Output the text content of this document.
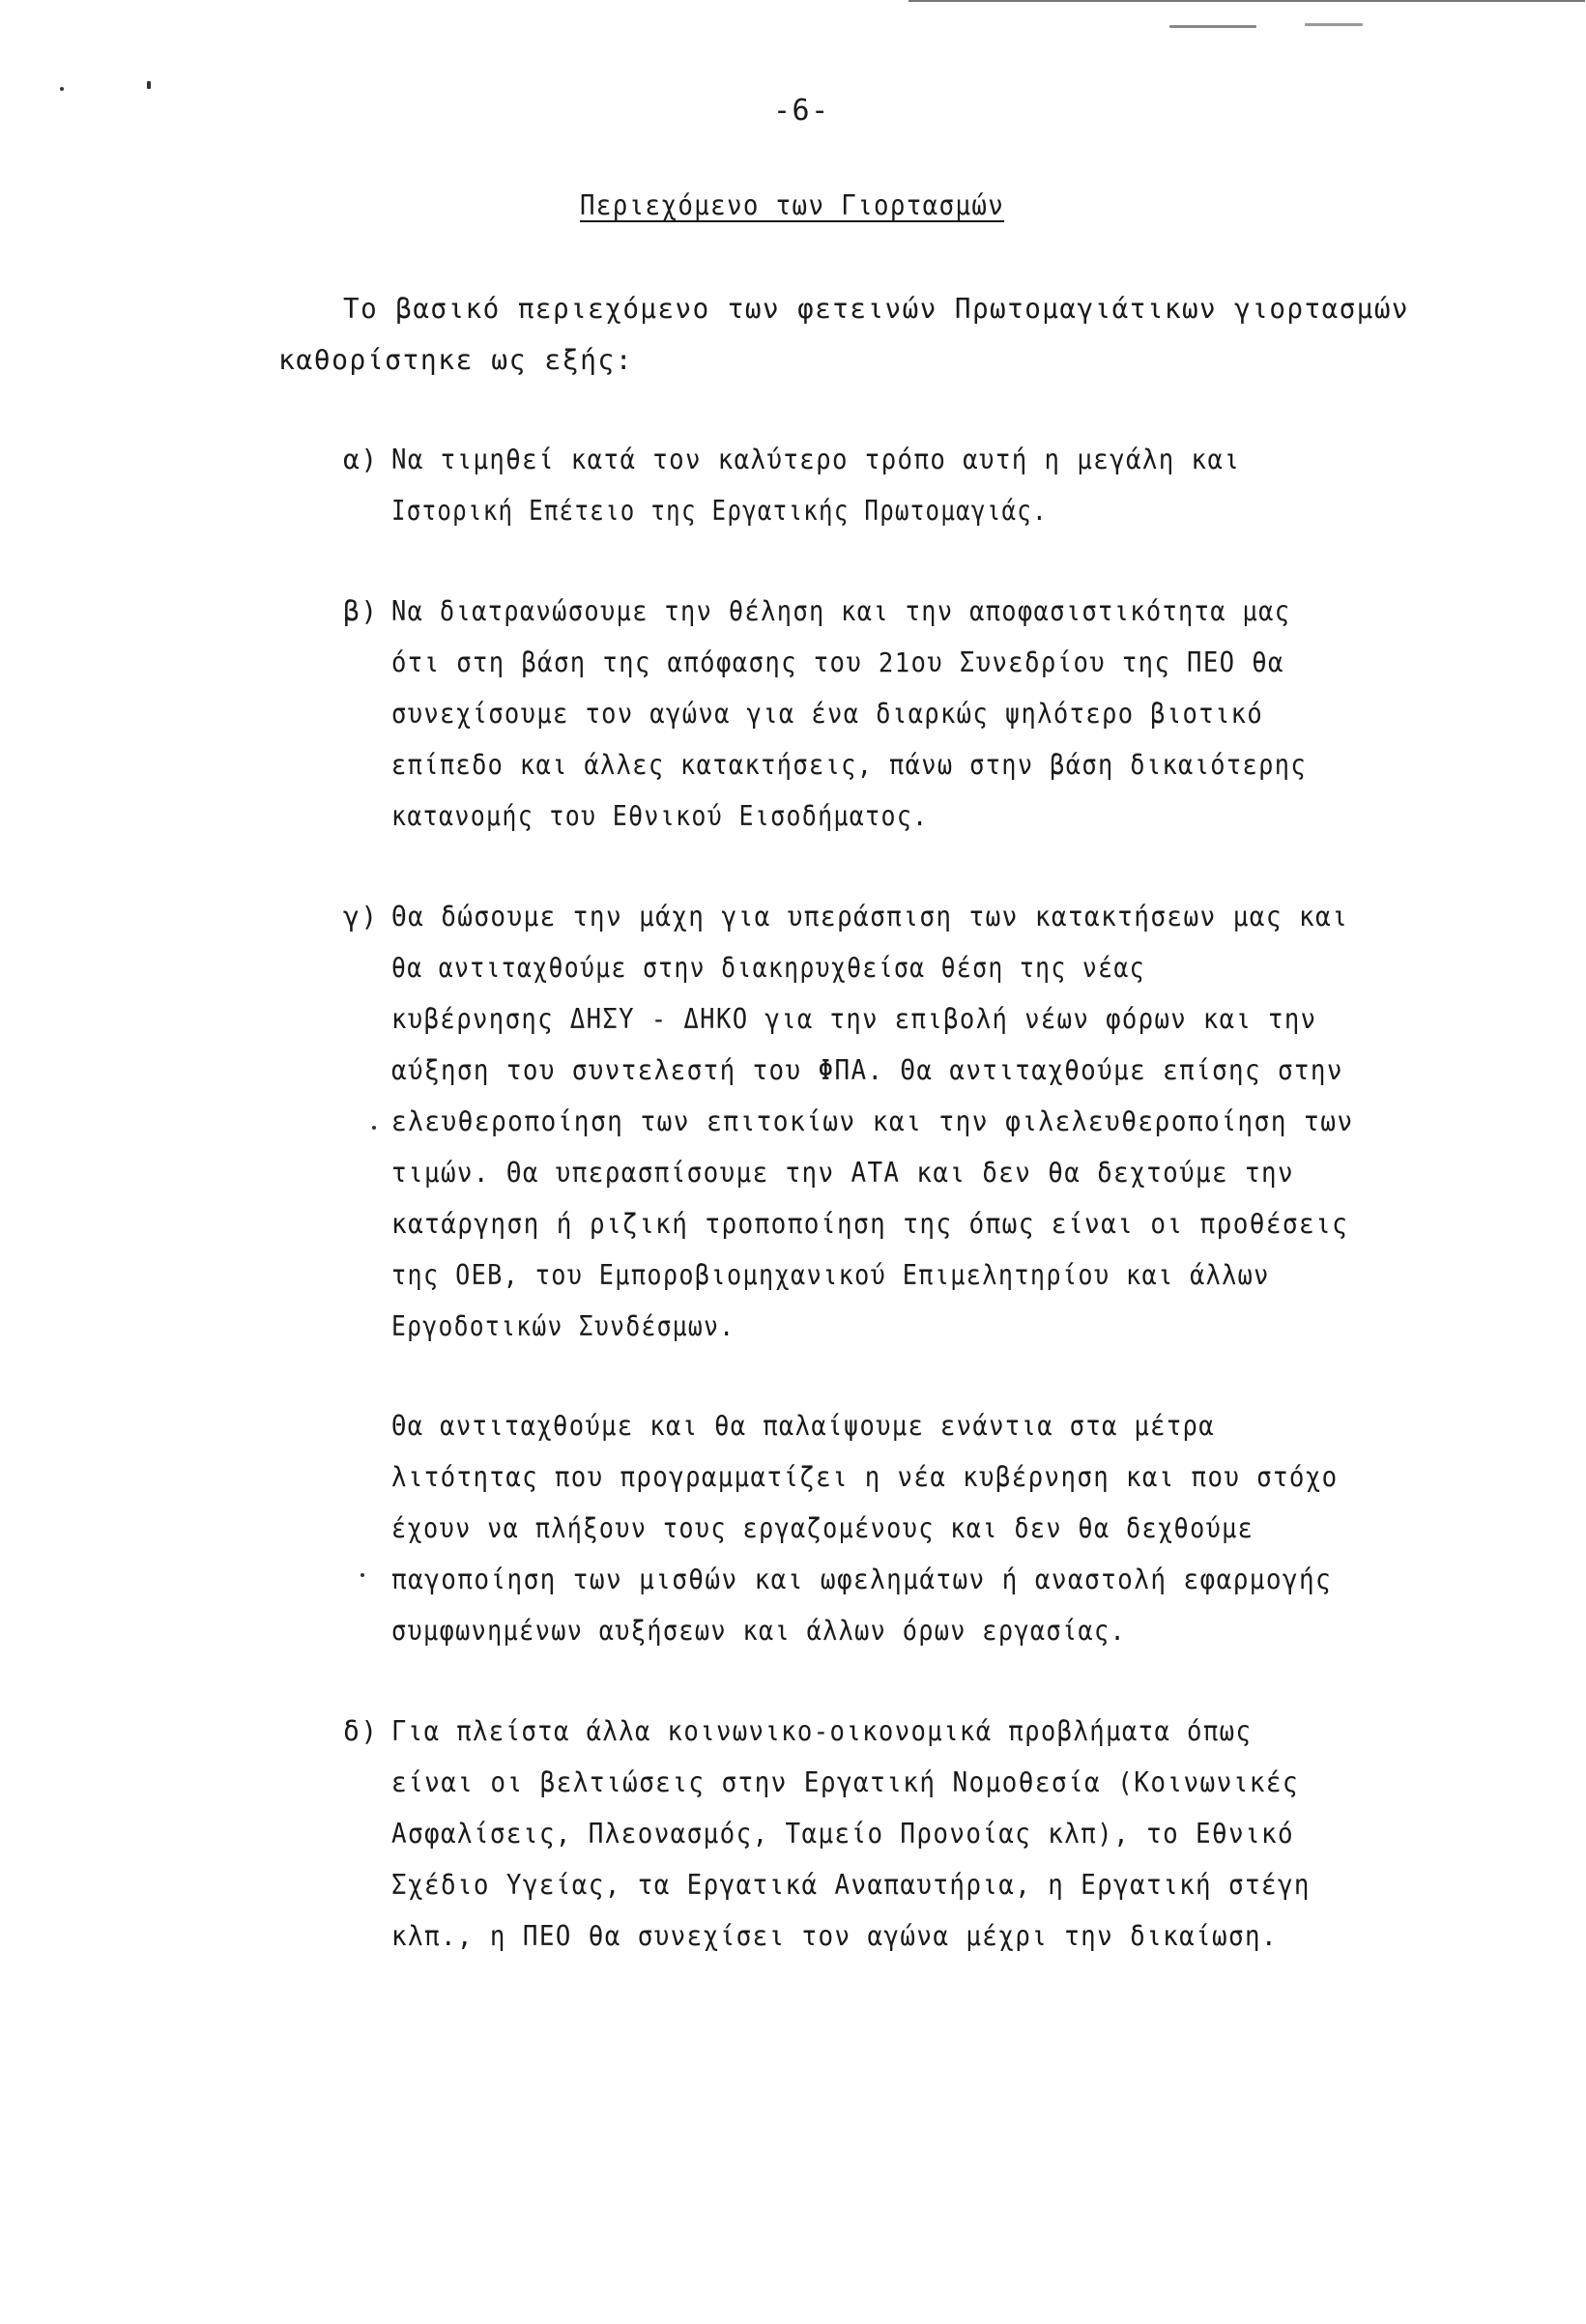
-6-
Περιεχόμενο των Γιορτασμών
Το βασικό περιεχόμενο των φετεινών Πρωτομαγιάτικων γιορτασμών
καθορίστηκε ως εξής:
α) Να τιμηθεί κατά τον καλύτερο τρόπο αυτή η μεγάλη και
Ιστορική Επέτειο της Εργατικής Πρωτομαγιάς.
β) Να διατρανώσουμε την θέληση και την αποφασιστικότητα μας
ότι στη βάση της απόφασης του 21ου Συνεδρίου της ΠΕΟ θα
συνεχίσουμε τον αγώνα για ένα διαρκώς ψηλότερο βιοτικό
επίπεδο και άλλες κατακτήσεις, πάνω στην βάση δικαιότερης
κατανομής του Εθνικού Εισοδήματος.
γ) Θα δώσουμε την μάχη για υπεράσπιση των κατακτήσεων μας και
θα αντιταχθούμε στην διακηρυχθείσα θέση της νέας
κυβέρνησης ΔΗΣΥ - ΔΗΚΟ για την επιβολή νέων φόρων και την
αύξηση του συντελεστή του ΦΠΑ. Θα αντιταχθούμε επίσης στην
ελευθεροποίηση των επιτοκίων και την φιλελευθεροποίηση των
τιμών. Θα υπερασπίσουμε την ΑΤΑ και δεν θα δεχτούμε την
κατάργηση ή ριζική τροποποίηση της όπως είναι οι προθέσεις
της ΟΕΒ, του Εμποροβιομηχανικού Επιμελητηρίου και άλλων
Εργοδοτικών Συνδέσμων.
Θα αντιταχθούμε και θα παλαίψουμε ενάντια στα μέτρα
λιτότητας που προγραμματίζει η νέα κυβέρνηση και που στόχο
έχουν να πλήξουν τους εργαζομένους και δεν θα δεχθούμε
παγοποίηση των μισθών και ωφελημάτων ή αναστολή εφαρμογής
συμφωνημένων αυξήσεων και άλλων όρων εργασίας.
δ) Για πλείστα άλλα κοινωνικο-οικονομικά προβλήματα όπως
είναι οι βελτιώσεις στην Εργατική Νομοθεσία (Κοινωνικές
Ασφαλίσεις, Πλεονασμός, Ταμείο Προνοίας κλπ), το Εθνικό
Σχέδιο Υγείας, τα Εργατικά Αναπαυτήρια, η Εργατική στέγη
κλπ., η ΠΕΟ θα συνεχίσει τον αγώνα μέχρι την δικαίωση.
